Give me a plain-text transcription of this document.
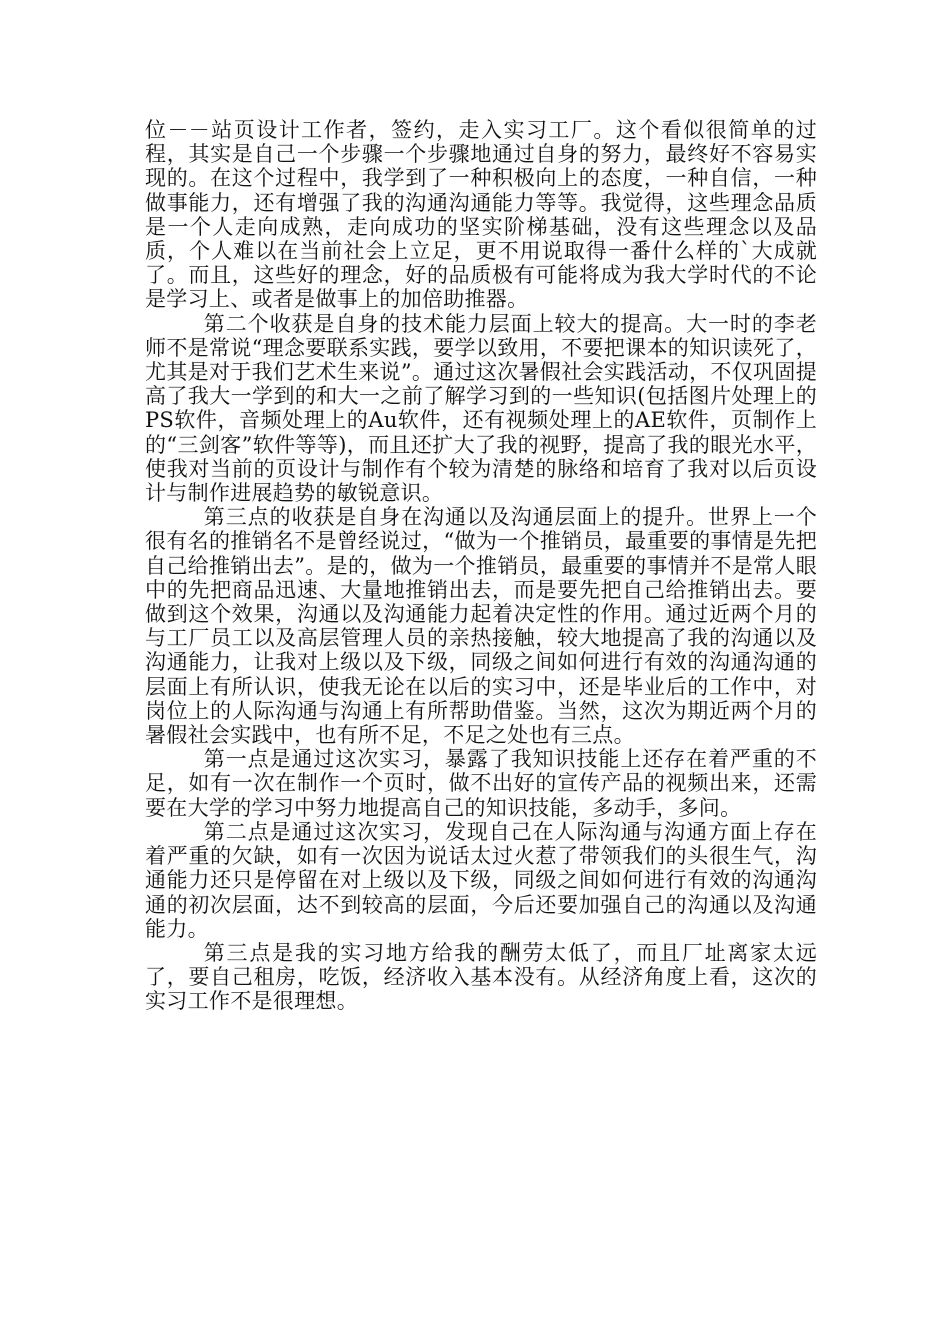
位－－站页设计工作者，签约，走入实习工厂。这个看似很简单的过程，其实是自己一个步骤一个步骤地通过自身的努力，最终好不容易实现的。在这个过程中，我学到了一种积极向上的态度，一种自信，一种做事能力，还有增强了我的沟通沟通能力等等。我觉得，这些理念品质是一个人走向成熟，走向成功的坚实阶梯基础，没有这些理念以及品质，个人难以在当前社会上立足，更不用说取得一番什么样的`大成就了。而且，这些好的理念，好的品质极有可能将成为我大学时代的不论是学习上、或者是做事上的加倍助推器。

第二个收获是自身的技术能力层面上较大的提高。大一时的李老师不是常说“理念要联系实践，要学以致用，不要把课本的知识读死了，尤其是对于我们艺术生来说”。通过这次暑假社会实践活动，不仅巩固提高了我大一学到的和大一之前了解学习到的一些知识(包括图片处理上的PS软件，音频处理上的Au软件，还有视频处理上的AE软件，页制作上的“三剑客”软件等等)，而且还扩大了我的视野，提高了我的眼光水平，使我对当前的页设计与制作有个较为清楚的脉络和培育了我对以后页设计与制作进展趋势的敏锐意识。

第三点的收获是自身在沟通以及沟通层面上的提升。世界上一个很有名的推销名不是曾经说过，“做为一个推销员，最重要的事情是先把自己给推销出去”。是的，做为一个推销员，最重要的事情并不是常人眼中的先把商品迅速、大量地推销出去，而是要先把自己给推销出去。要做到这个效果，沟通以及沟通能力起着决定性的作用。通过近两个月的与工厂员工以及高层管理人员的亲热接触，较大地提高了我的沟通以及沟通能力，让我对上级以及下级，同级之间如何进行有效的沟通沟通的层面上有所认识，使我无论在以后的实习中，还是毕业后的工作中，对岗位上的人际沟通与沟通上有所帮助借鉴。当然，这次为期近两个月的暑假社会实践中，也有所不足，不足之处也有三点。

第一点是通过这次实习，暴露了我知识技能上还存在着严重的不足，如有一次在制作一个页时，做不出好的宣传产品的视频出来，还需要在大学的学习中努力地提高自己的知识技能，多动手，多问。

第二点是通过这次实习，发现自己在人际沟通与沟通方面上存在着严重的欠缺，如有一次因为说话太过火惹了带领我们的头很生气，沟通能力还只是停留在对上级以及下级，同级之间如何进行有效的沟通沟通的初次层面，达不到较高的层面，今后还要加强自己的沟通以及沟通能力。

第三点是我的实习地方给我的酬劳太低了，而且厂址离家太远了，要自己租房，吃饭，经济收入基本没有。从经济角度上看，这次的实习工作不是很理想。
